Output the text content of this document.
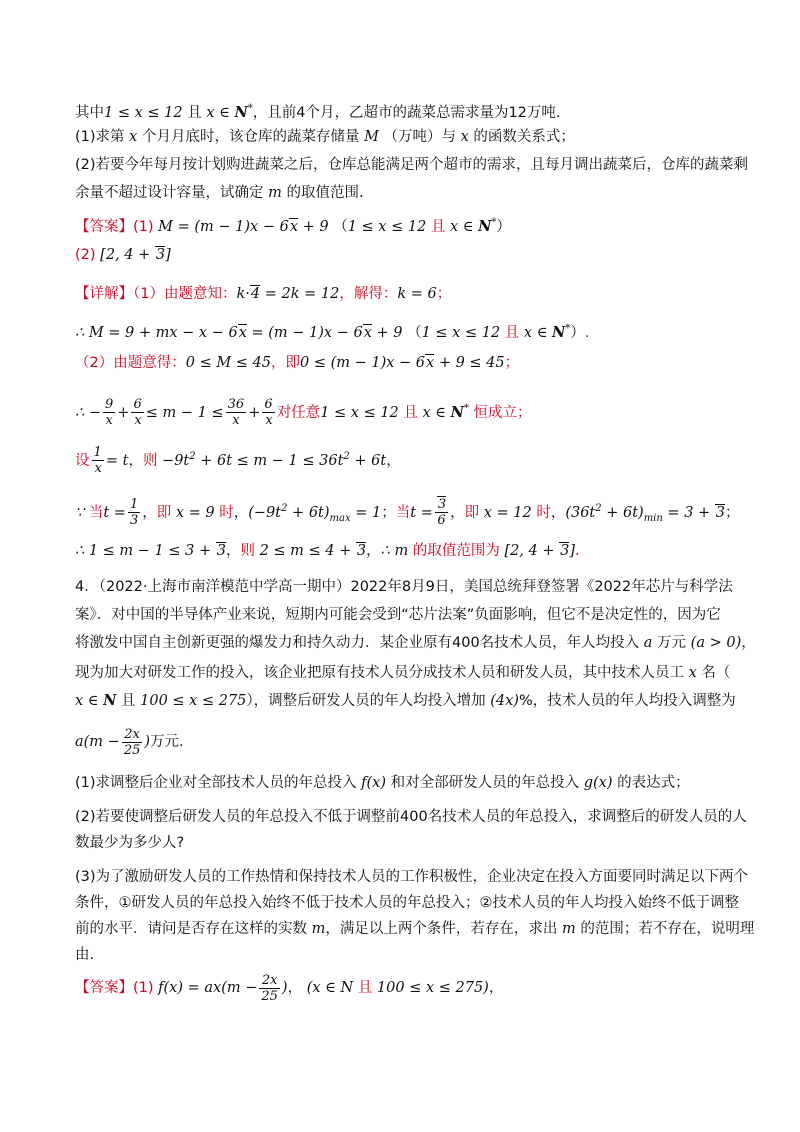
其中1 ≤ x ≤ 12 且 x ∈ N*，且前4个月，乙超市的蔬菜总需求量为12万吨.
(1)求第 x 个月月底时，该仓库的蔬菜存储量 M （万吨）与 x 的函数关系式；
(2)若要今年每月按计划购进蔬菜之后，仓库总能满足两个超市的需求，且每月调出蔬菜后，仓库的蔬菜剩
余量不超过设计容量，试确定 m 的取值范围.
【答案】(1) M = (m − 1)x − 6x + 9 （1 ≤ x ≤ 12 且 x ∈ N*）
(2) [2, 4 + 3]
【详解】（1）由题意知：k·4 = 2k = 12，解得：k = 6；
∴ M = 9 + mx − x − 6x = (m − 1)x − 6x + 9 （1 ≤ x ≤ 12 且 x ∈ N*）.
（2）由题意得：0 ≤ M ≤ 45，即0 ≤ (m − 1)x − 6x + 9 ≤ 45；
∴ − $\frac{9}{x} + \frac{6}{x} \le m - 1 \le \frac{36}{x} + \frac{6}{x}$ 对任意1 ≤ x ≤ 12 且 x ∈ N* 恒成立；
设 $\frac{1}{x} = t$，则 $-9t^2 + 6t \le m - 1 \le 36t^2 + 6t$，
∵ 当$t = \frac{1}{3}$ ，即 x = 9 时，$(-9t^2 + 6t)_{max} = 1$；当$t = \frac{3}{6}$ ，即 x = 12 时，$(36t^2 + 6t)_{min} = 3 + 3$；
∴ 1 ≤ m − 1 ≤ 3 + 3，则 2 ≤ m ≤ 4 + 3，∴ m 的取值范围为 [2, 4 + 3].
4．（2022·上海市南洋模范中学高一期中）2022年8月9日，美国总统拜登签署《2022年芯片与科学法
案》．对中国的半导体产业来说，短期内可能会受到“芯片法案”负面影响，但它不是决定性的，因为它
将激发中国自主创新更强的爆发力和持久动力．某企业原有400名技术人员，年人均投入 a 万元 (a > 0)，
现为加大对研发工作的投入，该企业把原有技术人员分成技术人员和研发人员，其中技术人员工 x 名（
x ∈ N 且 100 ≤ x ≤ 275），调整后研发人员的年人均投入增加 (4x)%，技术人员的年人均投入调整为
$a(m - \frac{2x}{25}$ )万元.
(1)求调整后企业对全部技术人员的年总投入 f(x) 和对全部研发人员的年总投入 g(x) 的表达式；
(2)若要使调整后研发人员的年总投入不低于调整前400名技术人员的年总投入，求调整后的研发人员的人
数最少为多少人?
(3)为了激励研发人员的工作热情和保持技术人员的工作积极性，企业决定在投入方面要同时满足以下两个
条件，①研发人员的年总投入始终不低于技术人员的年总投入；②技术人员的年人均投入始终不低于调整
前的水平．请问是否存在这样的实数 m，满足以上两个条件，若存在，求出 m 的范围；若不存在，说明理
由.
【答案】(1) $f(x) = ax(m - \frac{2x}{25}$ )， (x ∈ N 且 100 ≤ x ≤ 275)，
